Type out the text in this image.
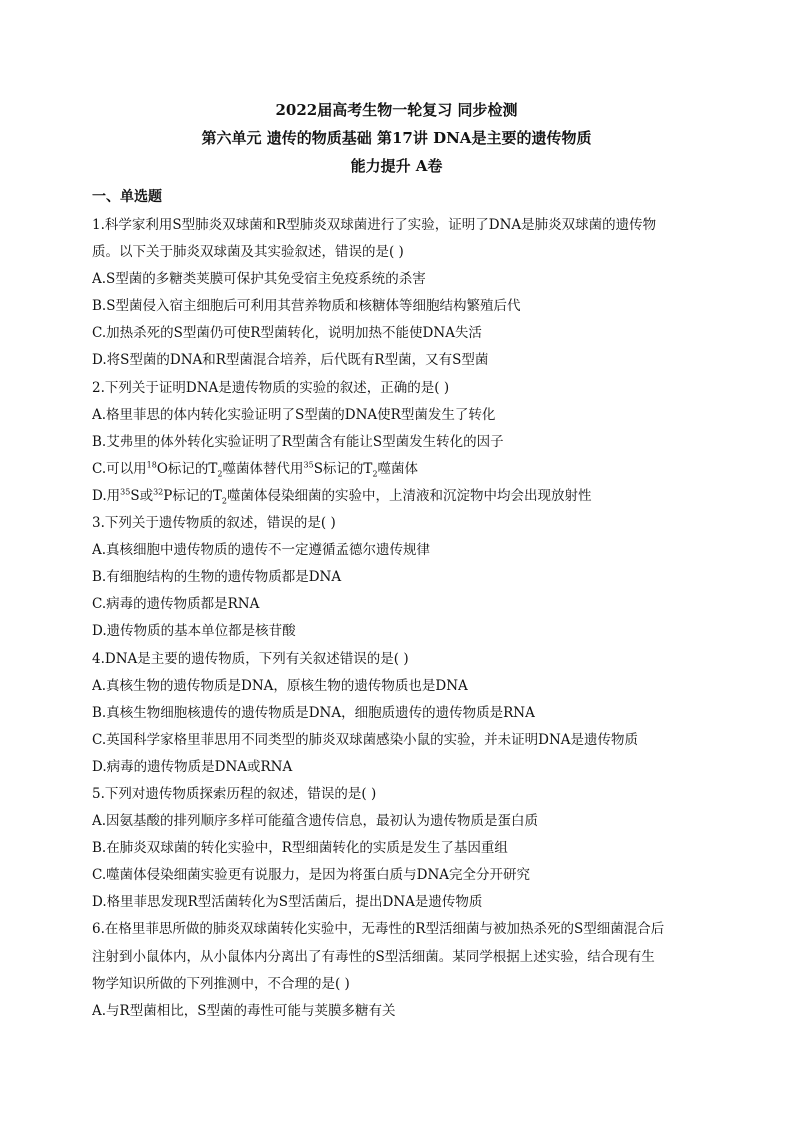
2022届高考生物一轮复习 同步检测

第六单元 遗传的物质基础 第17讲 DNA是主要的遗传物质

能力提升 A卷

一、单选题
1.科学家利用S型肺炎双球菌和R型肺炎双球菌进行了实验，证明了DNA是肺炎双球菌的遗传物
质。以下关于肺炎双球菌及其实验叙述，错误的是( )
A.S型菌的多糖类荚膜可保护其免受宿主免疫系统的杀害
B.S型菌侵入宿主细胞后可利用其营养物质和核糖体等细胞结构繁殖后代
C.加热杀死的S型菌仍可使R型菌转化，说明加热不能使DNA失活
D.将S型菌的DNA和R型菌混合培养，后代既有R型菌，又有S型菌
2.下列关于证明DNA是遗传物质的实验的叙述，正确的是( )
A.格里菲思的体内转化实验证明了S型菌的DNA使R型菌发生了转化
B.艾弗里的体外转化实验证明了R型菌含有能让S型菌发生转化的因子
C.可以用$^{18}$O标记的$T_2$噬菌体替代用$^{35}$S标记的$T_2$噬菌体
D.用$^{35}$S或$^{32}$P标记的$T_2$噬菌体侵染细菌的实验中，上清液和沉淀物中均会出现放射性
3.下列关于遗传物质的叙述，错误的是( )
A.真核细胞中遗传物质的遗传不一定遵循孟德尔遗传规律
B.有细胞结构的生物的遗传物质都是DNA
C.病毒的遗传物质都是RNA
D.遗传物质的基本单位都是核苷酸
4.DNA是主要的遗传物质，下列有关叙述错误的是( )
A.真核生物的遗传物质是DNA，原核生物的遗传物质也是DNA
B.真核生物细胞核遗传的遗传物质是DNA，细胞质遗传的遗传物质是RNA
C.英国科学家格里菲思用不同类型的肺炎双球菌感染小鼠的实验，并未证明DNA是遗传物质
D.病毒的遗传物质是DNA或RNA
5.下列对遗传物质探索历程的叙述，错误的是( )
A.因氨基酸的排列顺序多样可能蕴含遗传信息，最初认为遗传物质是蛋白质
B.在肺炎双球菌的转化实验中，R型细菌转化的实质是发生了基因重组
C.噬菌体侵染细菌实验更有说服力，是因为将蛋白质与DNA完全分开研究
D.格里菲思发现R型活菌转化为S型活菌后，提出DNA是遗传物质
6.在格里菲思所做的肺炎双球菌转化实验中，无毒性的R型活细菌与被加热杀死的S型细菌混合后
注射到小鼠体内，从小鼠体内分离出了有毒性的S型活细菌。某同学根据上述实验，结合现有生
物学知识所做的下列推测中，不合理的是( )
A.与R型菌相比，S型菌的毒性可能与荚膜多糖有关
